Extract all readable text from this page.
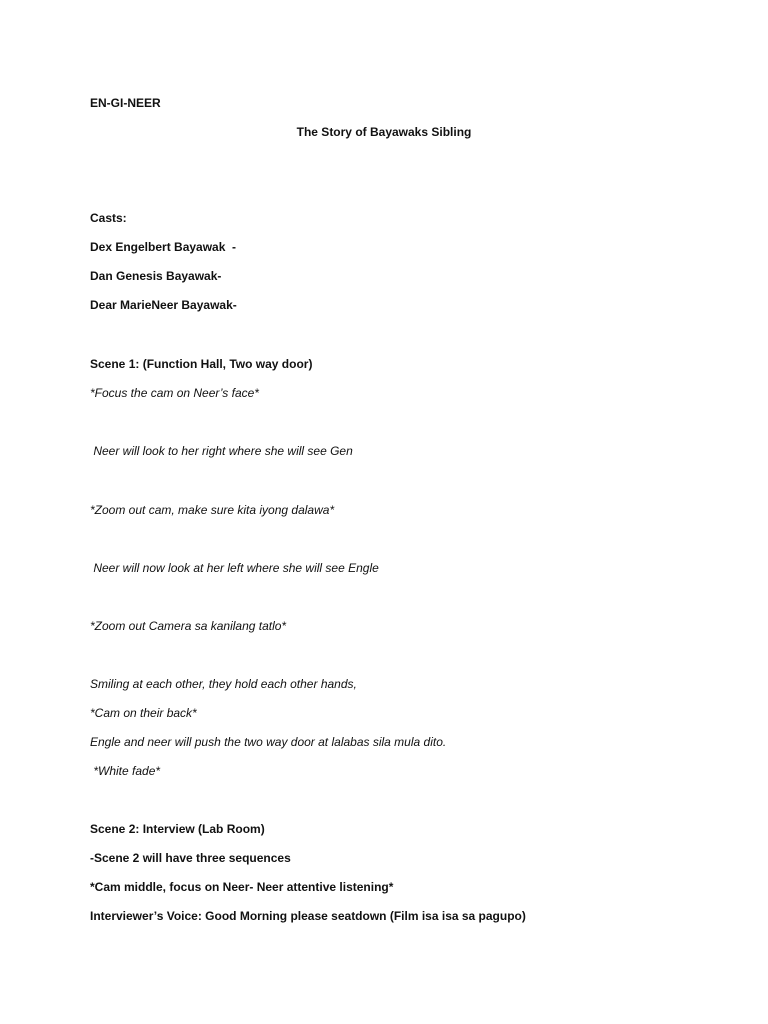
EN-GI-NEER
The Story of Bayawaks Sibling
Casts:
Dex Engelbert Bayawak  -
Dan Genesis Bayawak-
Dear MarieNeer Bayawak-
Scene 1: (Function Hall, Two way door)
*Focus the cam on Neer’s face*
Neer will look to her right where she will see Gen
*Zoom out cam, make sure kita iyong dalawa*
Neer will now look at her left where she will see Engle
*Zoom out Camera sa kanilang tatlo*
Smiling at each other, they hold each other hands,
*Cam on their back*
Engle and neer will push the two way door at lalabas sila mula dito.
*White fade*
Scene 2: Interview (Lab Room)
-Scene 2 will have three sequences
*Cam middle, focus on Neer- Neer attentive listening*
Interviewer’s Voice: Good Morning please seatdown (Film isa isa sa pagupo)
